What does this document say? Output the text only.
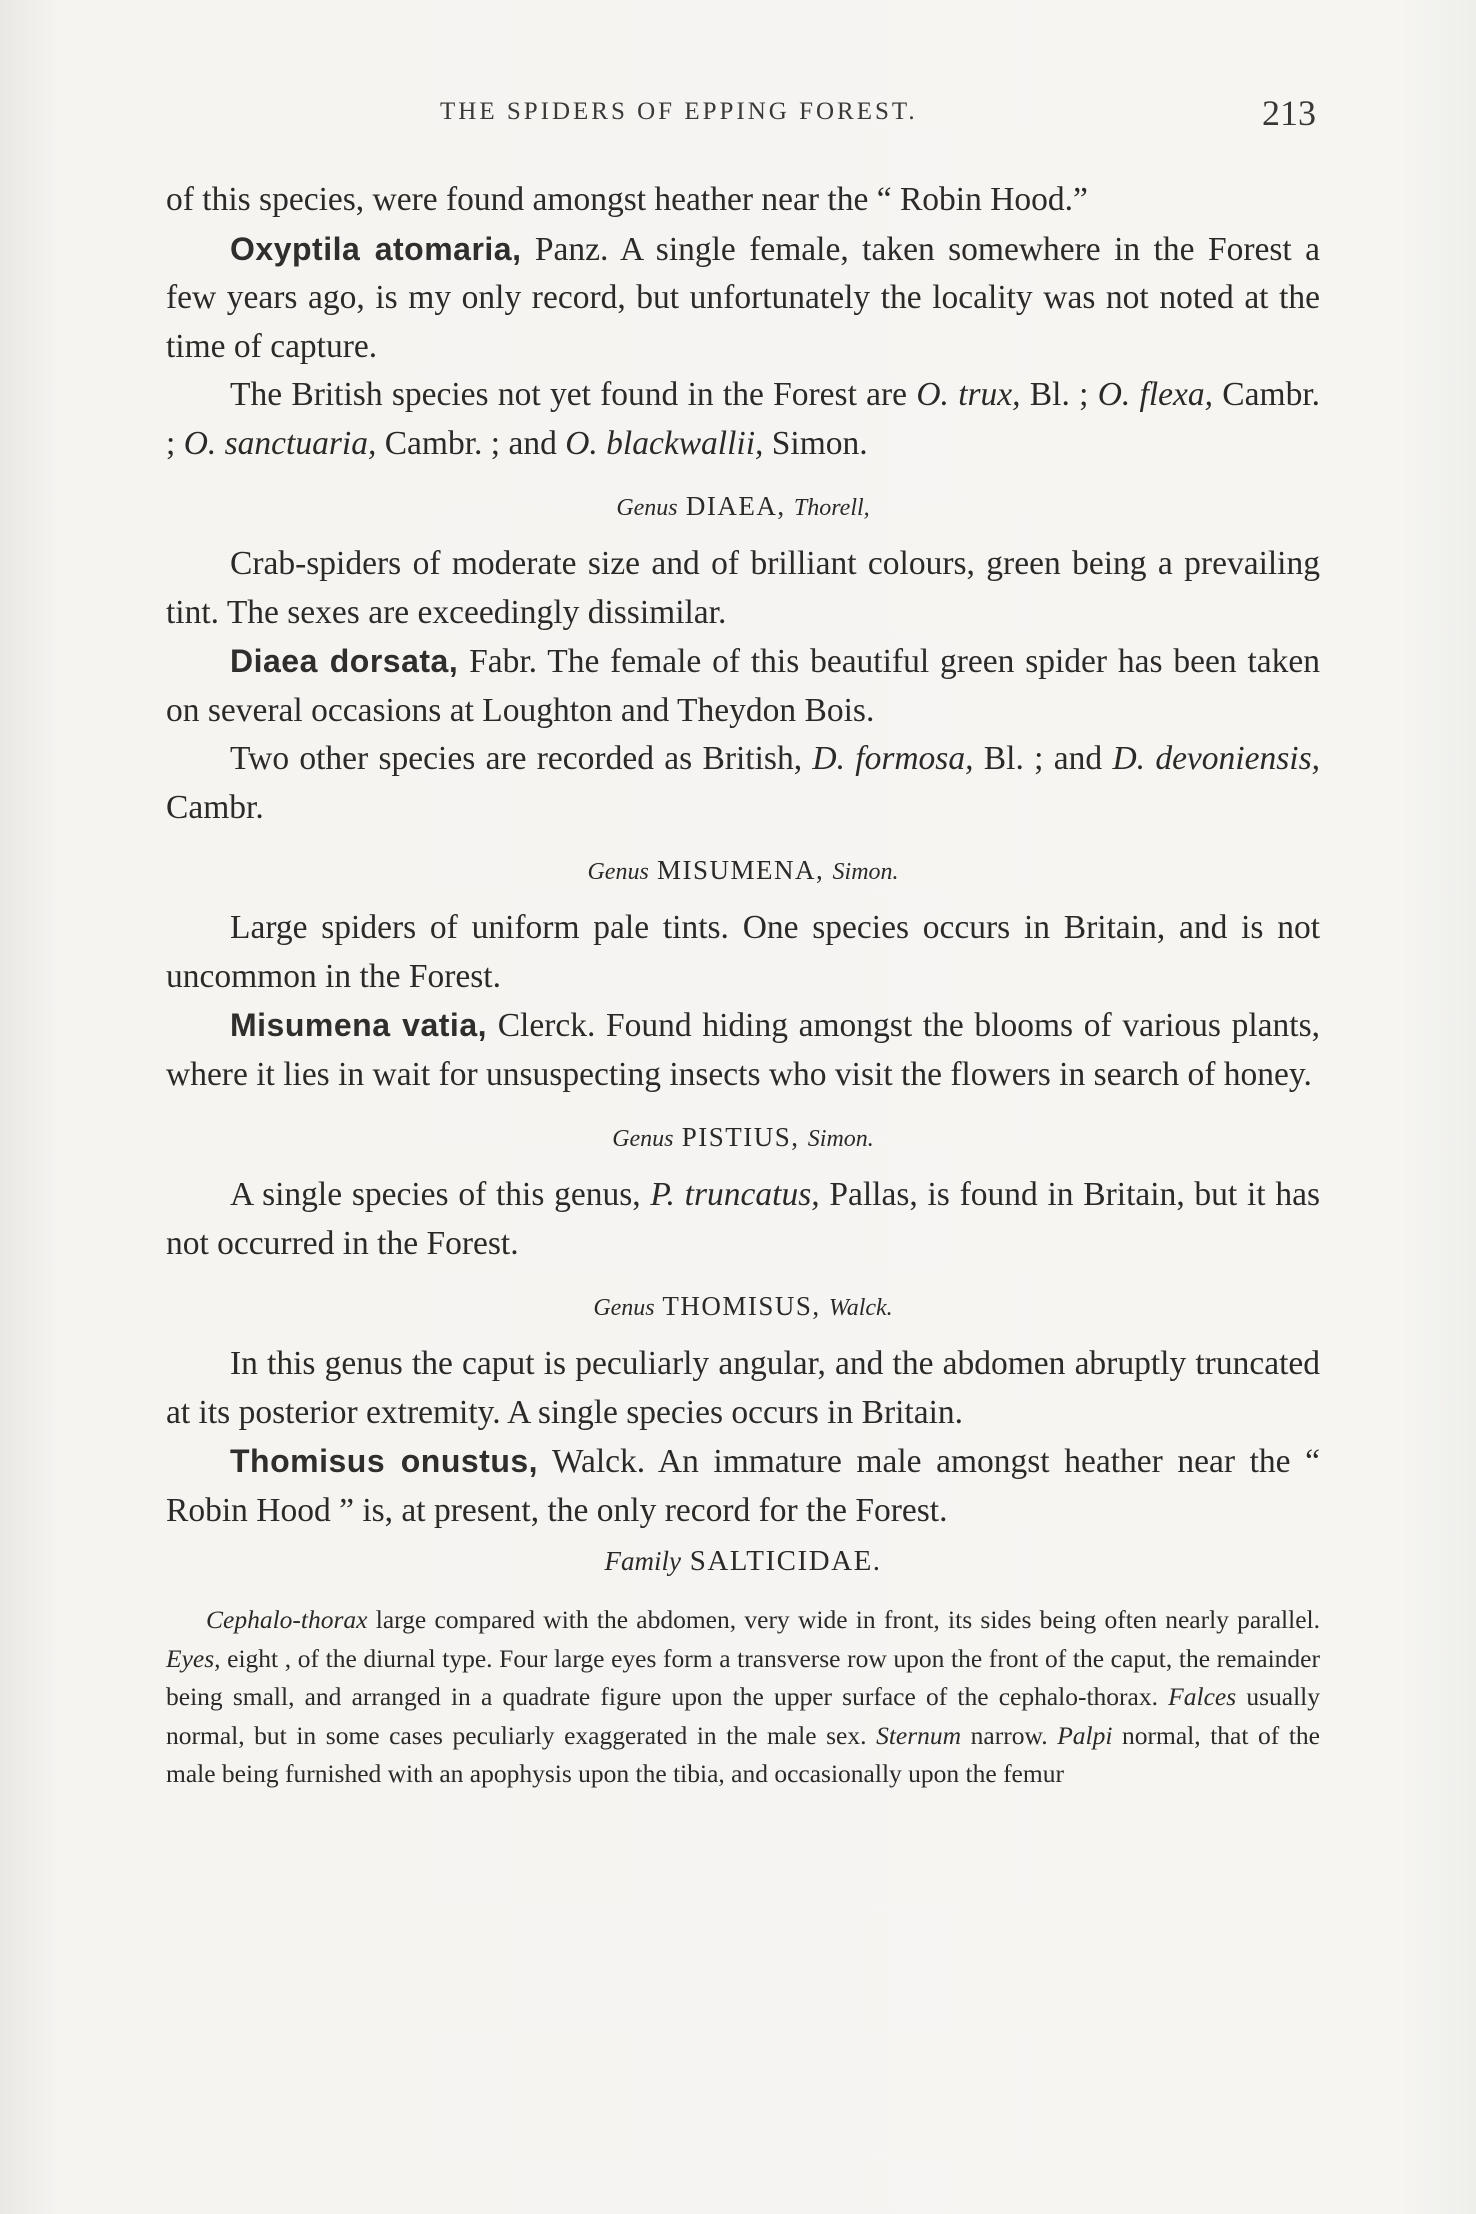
THE SPIDERS OF EPPING FOREST.	213

of this species, were found amongst heather near the “ Robin Hood.”

Oxyptila atomaria, Panz. A single female, taken somewhere in the Forest a few years ago, is my only record, but unfortunately the locality was not noted at the time of capture.

The British species not yet found in the Forest are O. trux, Bl. ; O. flexa, Cambr. ; O. sanctuaria, Cambr. ; and O. blackwallii, Simon.

Genus DIAEA, Thorell,

Crab-spiders of moderate size and of brilliant colours, green being a prevailing tint. The sexes are exceedingly dissimilar.

Diaea dorsata, Fabr. The female of this beautiful green spider has been taken on several occasions at Loughton and Theydon Bois.

Two other species are recorded as British, D. formosa, Bl. ; and D. devoniensis, Cambr.

Genus MISUMENA, Simon.

Large spiders of uniform pale tints. One species occurs in Britain, and is not uncommon in the Forest.

Misumena vatia, Clerck. Found hiding amongst the blooms of various plants, where it lies in wait for unsuspecting insects who visit the flowers in search of honey.

Genus PISTIUS, Simon.

A single species of this genus, P. truncatus, Pallas, is found in Britain, but it has not occurred in the Forest.

Genus THOMISUS, Walck.

In this genus the caput is peculiarly angular, and the abdomen abruptly truncated at its posterior extremity. A single species occurs in Britain.

Thomisus onustus, Walck. An immature male amongst heather near the “ Robin Hood ” is, at present, the only record for the Forest.

Family SALTICIDAE.

Cephalo-thorax large compared with the abdomen, very wide in front, its sides being often nearly parallel. Eyes, eight , of the diurnal type. Four large eyes form a transverse row upon the front of the caput, the remainder being small, and arranged in a quadrate figure upon the upper surface of the cephalo-thorax. Falces usually normal, but in some cases peculiarly exaggerated in the male sex. Sternum narrow. Palpi normal, that of the male being furnished with an apophysis upon the tibia, and occasionally upon the femur
